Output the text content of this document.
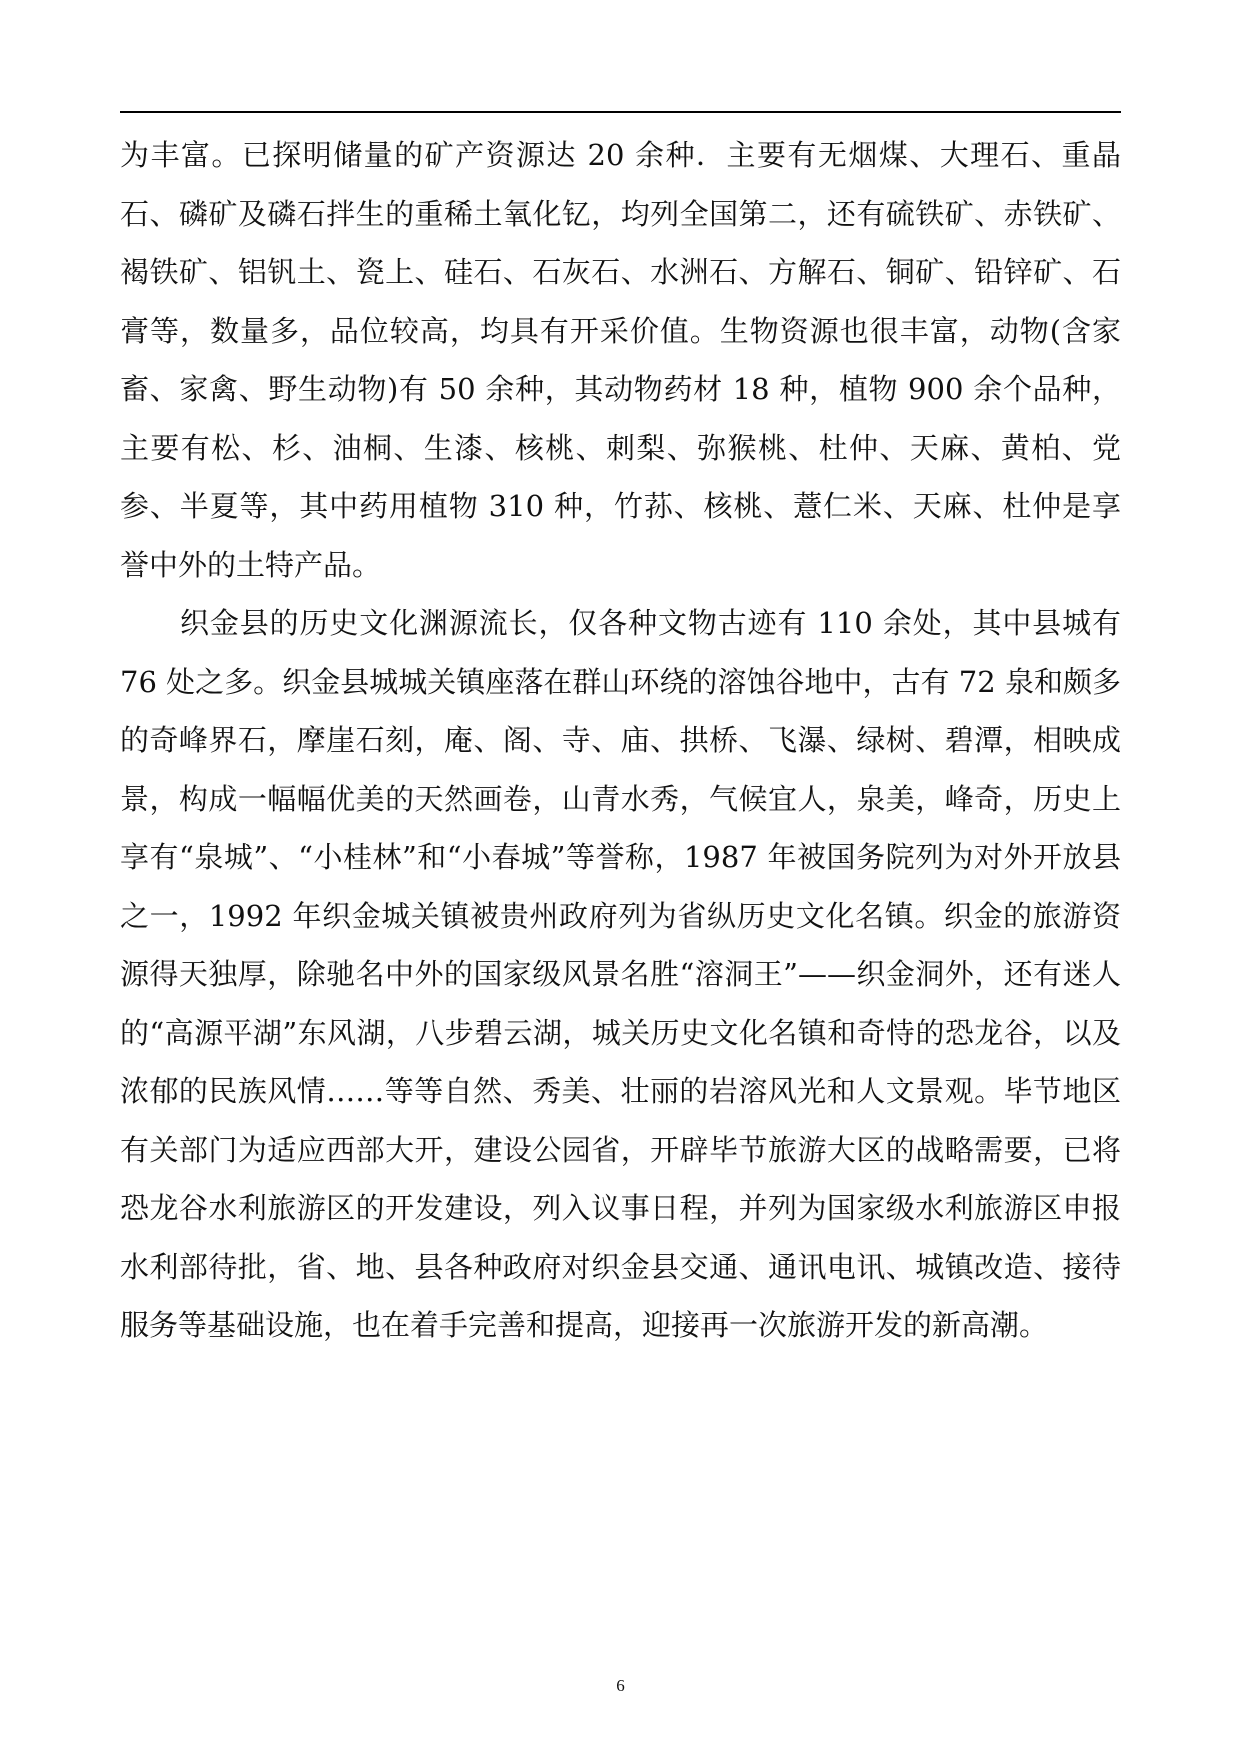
为丰富。已探明储量的矿产资源达 20 余种．主要有无烟煤、大理石、重晶石、磷矿及磷石拌生的重稀土氧化钇，均列全国第二，还有硫铁矿、赤铁矿、褐铁矿、铝钒土、瓷上、硅石、石灰石、水洲石、方解石、铜矿、铅锌矿、石膏等，数量多，品位较高，均具有开采价值。生物资源也很丰富，动物(含家畜、家禽、野生动物)有 50 余种，其动物药材 18 种，植物 900 余个品种，主要有松、杉、油桐、生漆、核桃、刺梨、弥猴桃、杜仲、天麻、黄柏、党参、半夏等，其中药用植物 310 种，竹荪、核桃、薏仁米、天麻、杜仲是享誉中外的土特产品。

织金县的历史文化渊源流长，仅各种文物古迹有 110 余处，其中县城有 76 处之多。织金县城城关镇座落在群山环绕的溶蚀谷地中，古有 72 泉和颇多的奇峰界石，摩崖石刻，庵、阁、寺、庙、拱桥、飞瀑、绿树、碧潭，相映成景，构成一幅幅优美的天然画卷，山青水秀，气候宜人，泉美，峰奇，历史上享有“泉城”、“小桂林”和“小春城”等誉称，1987 年被国务院列为对外开放县之一，1992 年织金城关镇被贵州政府列为省纵历史文化名镇。织金的旅游资源得天独厚，除驰名中外的国家级风景名胜“溶洞王”——织金洞外，还有迷人的“高源平湖”东风湖，八步碧云湖，城关历史文化名镇和奇恃的恐龙谷，以及浓郁的民族风情……等等自然、秀美、壮丽的岩溶风光和人文景观。毕节地区有关部门为适应西部大开，建设公园省，开辟毕节旅游大区的战略需要，已将恐龙谷水利旅游区的开发建设，列入议事日程，并列为国家级水利旅游区申报水利部待批，省、地、县各种政府对织金县交通、通讯电讯、城镇改造、接待服务等基础设施，也在着手完善和提高，迎接再一次旅游开发的新高潮。

6
